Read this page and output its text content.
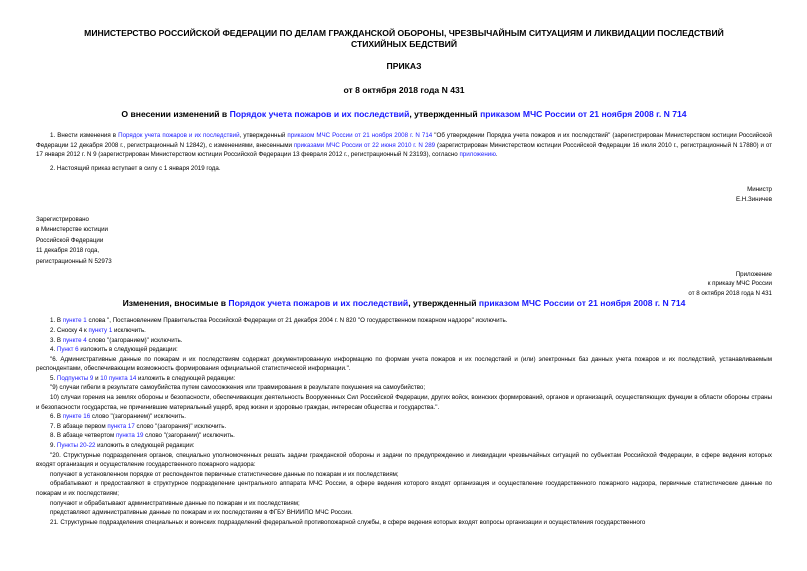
МИНИСТЕРСТВО РОССИЙСКОЙ ФЕДЕРАЦИИ ПО ДЕЛАМ ГРАЖДАНСКОЙ ОБОРОНЫ, ЧРЕЗВЫЧАЙНЫМ СИТУАЦИЯМ И ЛИКВИДАЦИИ ПОСЛЕДСТВИЙ СТИХИЙНЫХ БЕДСТВИЙ
ПРИКАЗ
от 8 октября 2018 года N 431
О внесении изменений в Порядок учета пожаров и их последствий, утвержденный приказом МЧС России от 21 ноября 2008 г. N 714

1. Внести изменения в Порядок учета пожаров и их последствий, утвержденный приказом МЧС России от 21 ноября 2008 г. N 714 "Об утверждении Порядка учета пожаров и их последствий" (зарегистрирован Министерством юстиции Российской Федерации 12 декабря 2008 г., регистрационный N 12842), с изменениями, внесенными приказами МЧС России от 22 июня 2010 г. N 289 (зарегистрирован Министерством юстиции Российской Федерации 16 июля 2010 г., регистрационный N 17880) и от 17 января 2012 г. N 9 (зарегистрирован Министерством юстиции Российской Федерации 13 февраля 2012 г., регистрационный N 23193), согласно приложению.

2. Настоящий приказ вступает в силу с 1 января 2019 года.

Министр
Е.Н.Зиничев
Зарегистрировано
в Министерстве юстиции
Российской Федерации
11 декабря 2018 года,
регистрационный N 52973
Приложение
к приказу МЧС России
от 8 октября 2018 года N 431
Изменения, вносимые в Порядок учета пожаров и их последствий, утвержденный приказом МЧС России от 21 ноября 2008 г. N 714

1. В пункте 1 слова ", Постановлением Правительства Российской Федерации от 21 декабря 2004 г. N 820 "О государственном пожарном надзоре" исключить.

2. Сноску 4 к пункту 1 исключить.

3. В пункте 4 слово "(загоранием)" исключить.

4. Пункт 6 изложить в следующей редакции:

"6. Административные данные по пожарам и их последствиям содержат документированную информацию по формам учета пожаров и их последствий и (или) электронных баз данных учета пожаров и их последствий, устанавливаемым респондентами, обеспечивающим возможность формирования официальной статистической информации.".

5. Подпункты 9 и 10 пункта 14 изложить в следующей редакции:

"9) случаи гибели в результате самоубийства путем самосожжения или травмирования в результате покушения на самоубийство;

10) случаи горения на землях обороны и безопасности, обеспечивающих деятельность Вооруженных Сил Российской Федерации, других войск, воинских формирований, органов и организаций, осуществляющих функции в области обороны страны и безопасности государства, не причинившие материальный ущерб, вред жизни и здоровью граждан, интересам общества и государства.".

6. В пункте 16 слово "(загоранием)" исключить.

7. В абзаце первом пункта 17 слово "(загорания)" исключить.

8. В абзаце четвертом пункта 19 слово "(загорании)" исключить.

9. Пункты 20-22 изложить в следующей редакции:

"20. Структурные подразделения органов, специально уполномоченных решать задачи гражданской обороны и задачи по предупреждению и ликвидации чрезвычайных ситуаций по субъектам Российской Федерации, в сфере ведения которых входят организация и осуществление государственного пожарного надзора:

получают в установленном порядке от респондентов первичные статистические данные по пожарам и их последствиям;

обрабатывают и предоставляют в структурное подразделение центрального аппарата МЧС России, в сфере ведения которого входят организация и осуществление государственного пожарного надзора, первичные статистические данные по пожарам и их последствиям;

получают и обрабатывают административные данные по пожарам и их последствиям;

представляют административные данные по пожарам и их последствиям в ФГБУ ВНИИПО МЧС России.

21. Структурные подразделения специальных и воинских подразделений федеральной противопожарной службы, в сфере ведения которых входят вопросы организации и осуществления государственного
